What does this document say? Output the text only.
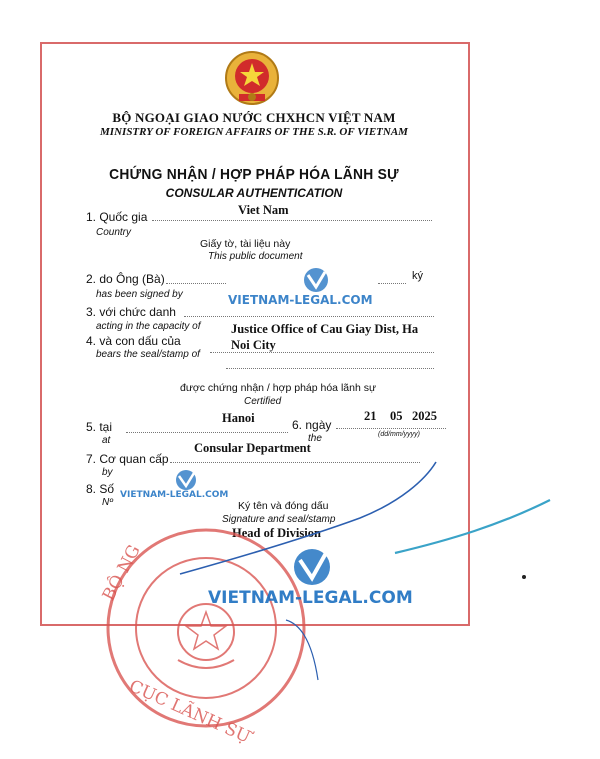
BỘ NGOẠI GIAO NƯỚC CHXHCN VIỆT NAM
MINISTRY OF FOREIGN AFFAIRS OF THE S.R. OF VIETNAM
CHỨNG NHẬN / HỢP PHÁP HÓA LÃNH SỰ
CONSULAR AUTHENTICATION
1. Quốc gia
Country
Viet Nam
Giấy tờ, tài liệu này
This public document
2. do Ông (Bà)
has been signed by
ký
3. với chức danh
acting in the capacity of
4. và con dấu của
bears the seal/stamp of
Justice Office of Cau Giay Dist, Ha
Noi City
được chứng nhận / hợp pháp hóa lãnh sự
Certified
5. tại
at
Hanoi	6. ngày
the
21 05 2025
(dd/mm/yyyy)
7. Cơ quan cấp
by
Consular Department
8. Số
Nº	Ký tên và đóng dấu
Signature and seal/stamp
Head of Division
BỘ NG
CỤC LÃNH SỰ
VIETNAM-LEGAL.COM
VIETNAM-LEGAL.COM
VIETNAM-LEGAL.COM
